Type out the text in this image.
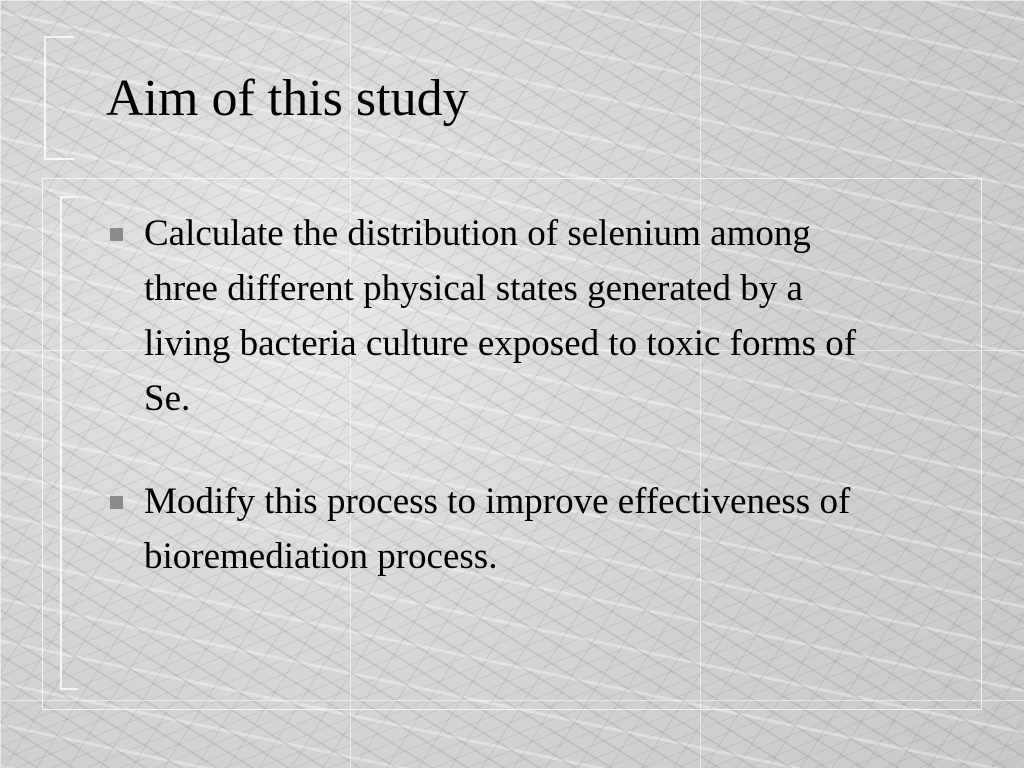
Aim of this study
Calculate the distribution of selenium among three different physical states generated by a living bacteria culture exposed to toxic forms of Se.
Modify this process to improve effectiveness of bioremediation process.
